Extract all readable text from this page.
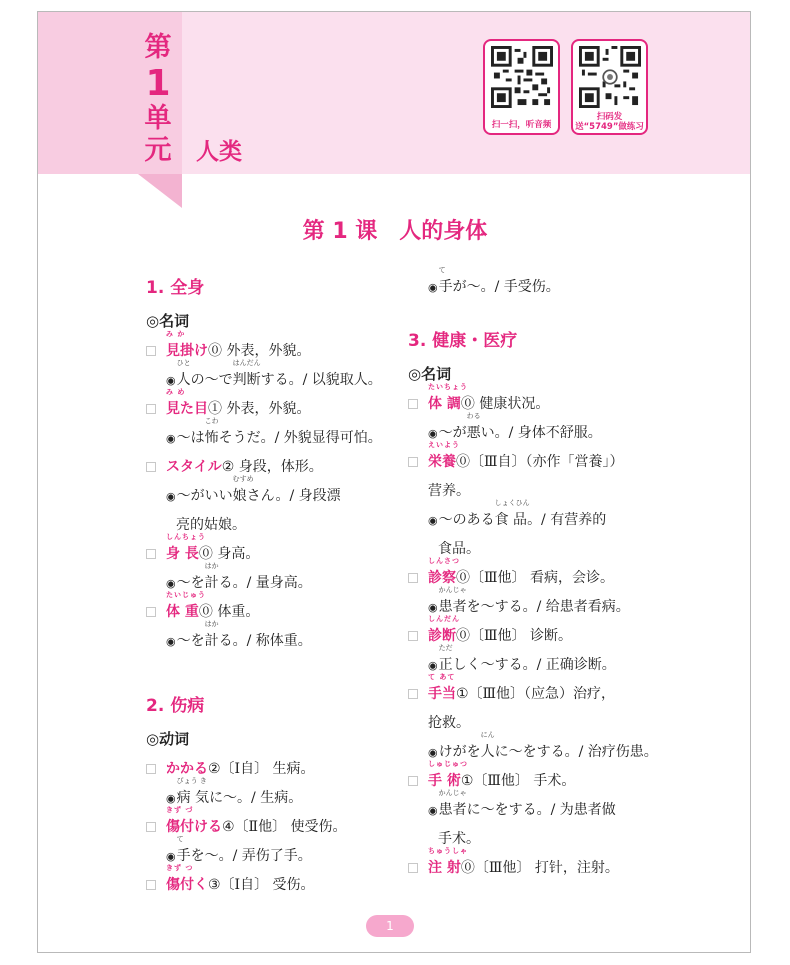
第
1
单
元 人类
扫一扫，听音频
扫码发送“5749”做练习
第 1 课　人的身体
1. 全身
◎名词
み か
見掛け⓪ 外表，外貌。
◉
ひと
人の～で
はんだん
判断する。/ 以貌取人。
み め
見た目① 外表，外貌。
◉～は
こわ
怖そうだ。/ 外貌显得可怕。
スタイル② 身段，体形。
◉～がいい
むすめ
娘さん。/ 身段漂
亮的姑娘。
しんちょう
身 長⓪ 身高。
◉～を
はか
計る。/ 量身高。
たいじゅう
体 重⓪ 体重。
◉～を
はか
計る。/ 称体重。
2. 伤病
◎动词
かかる②〔Ⅰ自〕 生病。
◉
びょう き
病 気に～。/ 生病。
きず づ
傷付ける④〔Ⅱ他〕 使受伤。
◉
て
手を～。/ 弄伤了手。
きず つ
傷付く③〔Ⅰ自〕 受伤。
◉
て
手が～。/ 手受伤。
3. 健康・医疗
◎名词
たいちょう
体 調⓪ 健康状况。
◉～が
わる
悪い。/ 身体不舒服。
えいよう
栄養⓪〔Ⅲ自〕（亦作「営養」）
营养。
◉～のある
しょくひん
食 品。/ 有营养的
食品。
しんさつ
診察⓪〔Ⅲ他〕 看病，会诊。
◉
かんじゃ
患者を～する。/ 给患者看病。
しんだん
診断⓪〔Ⅲ他〕 诊断。
◉
ただ
正しく～する。/ 正确诊断。
て あて
手当①〔Ⅲ他〕（应急）治疗，
抢救。
◉けがを
にん
人に～をする。/ 治疗伤患。
しゅじゅつ
手 術①〔Ⅲ他〕 手术。
◉
かんじゃ
患者に～をする。/ 为患者做
手术。
ちゅうしゃ
注 射⓪〔Ⅲ他〕 打针，注射。
1
